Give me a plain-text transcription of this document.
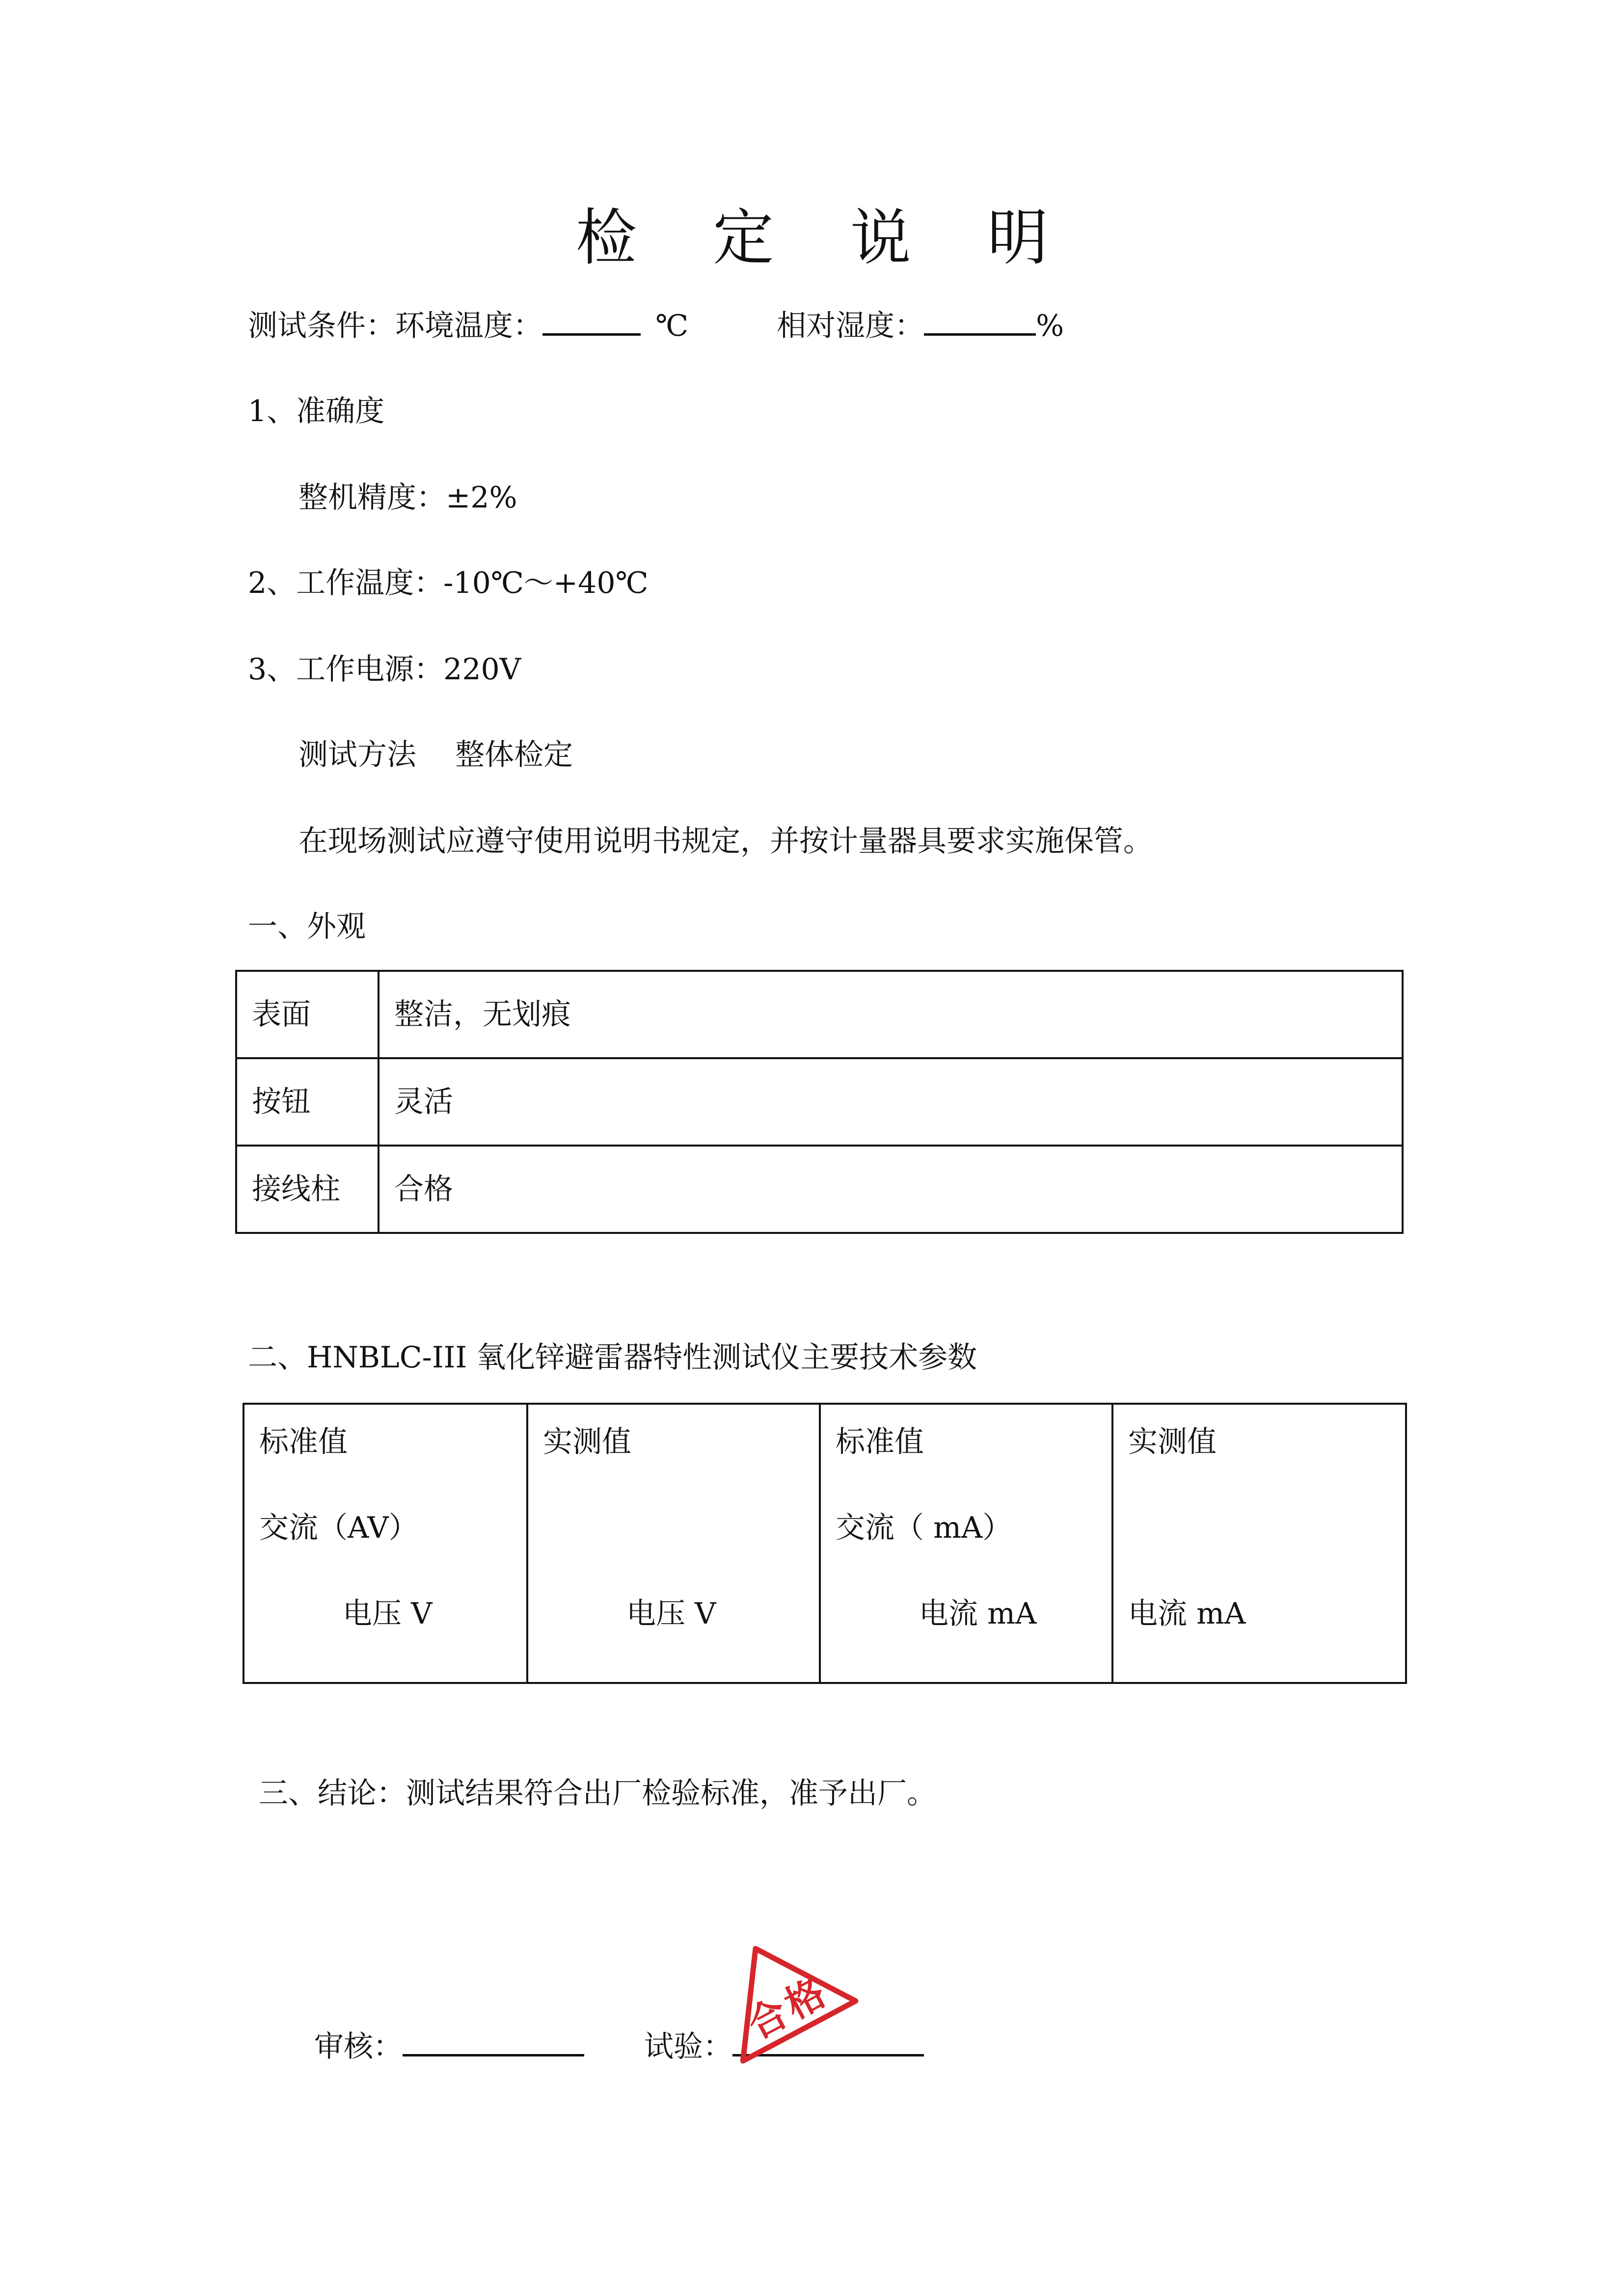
检 定 说 明
测试条件：环境温度：	℃	相对湿度：	%
1、准确度
整机精度：±2%
2、工作温度：-10℃～+40℃
3、工作电源：220V
测试方法　 整体检定
在现场测试应遵守使用说明书规定，并按计量器具要求实施保管。
一、外观
表面	整洁，无划痕
按钮	灵活
接线柱	合格
二、HNBLC-III 氧化锌避雷器特性测试仪主要技术参数
标准值
交流（AV）
电压 V

实测值
电压 V

标准值
交流（ mA）
电流 mA

实测值
电流 mA
三、结论：测试结果符合出厂检验标准，准予出厂。
审核：	试验： 合格
